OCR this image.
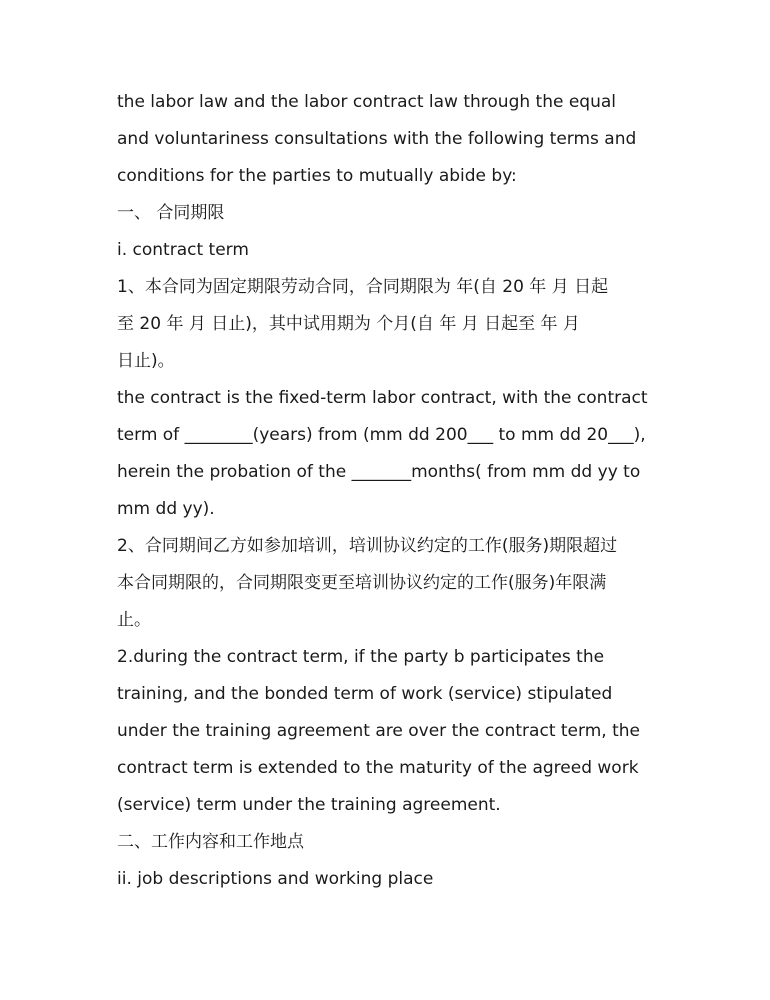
the labor law and the labor contract law through the equal
and voluntariness consultations with the following terms and
conditions for the parties to mutually abide by:
一、 合同期限
i. contract term
1、本合同为固定期限劳动合同，合同期限为 年(自 20 年 月 日起
至 20 年 月 日止)，其中试用期为 个月(自 年 月 日起至 年 月
日止)。
the contract is the fixed-term labor contract, with the contract
term of ________(years) from (mm dd 200___ to mm dd 20___),
herein the probation of the _______months( from mm dd yy to
mm dd yy).
2、合同期间乙方如参加培训，培训协议约定的工作(服务)期限超过
本合同期限的，合同期限变更至培训协议约定的工作(服务)年限满
止。
2.during the contract term, if the party b participates the
training, and the bonded term of work (service) stipulated
under the training agreement are over the contract term, the
contract term is extended to the maturity of the agreed work
(service) term under the training agreement.
二、工作内容和工作地点
ii. job descriptions and working place
